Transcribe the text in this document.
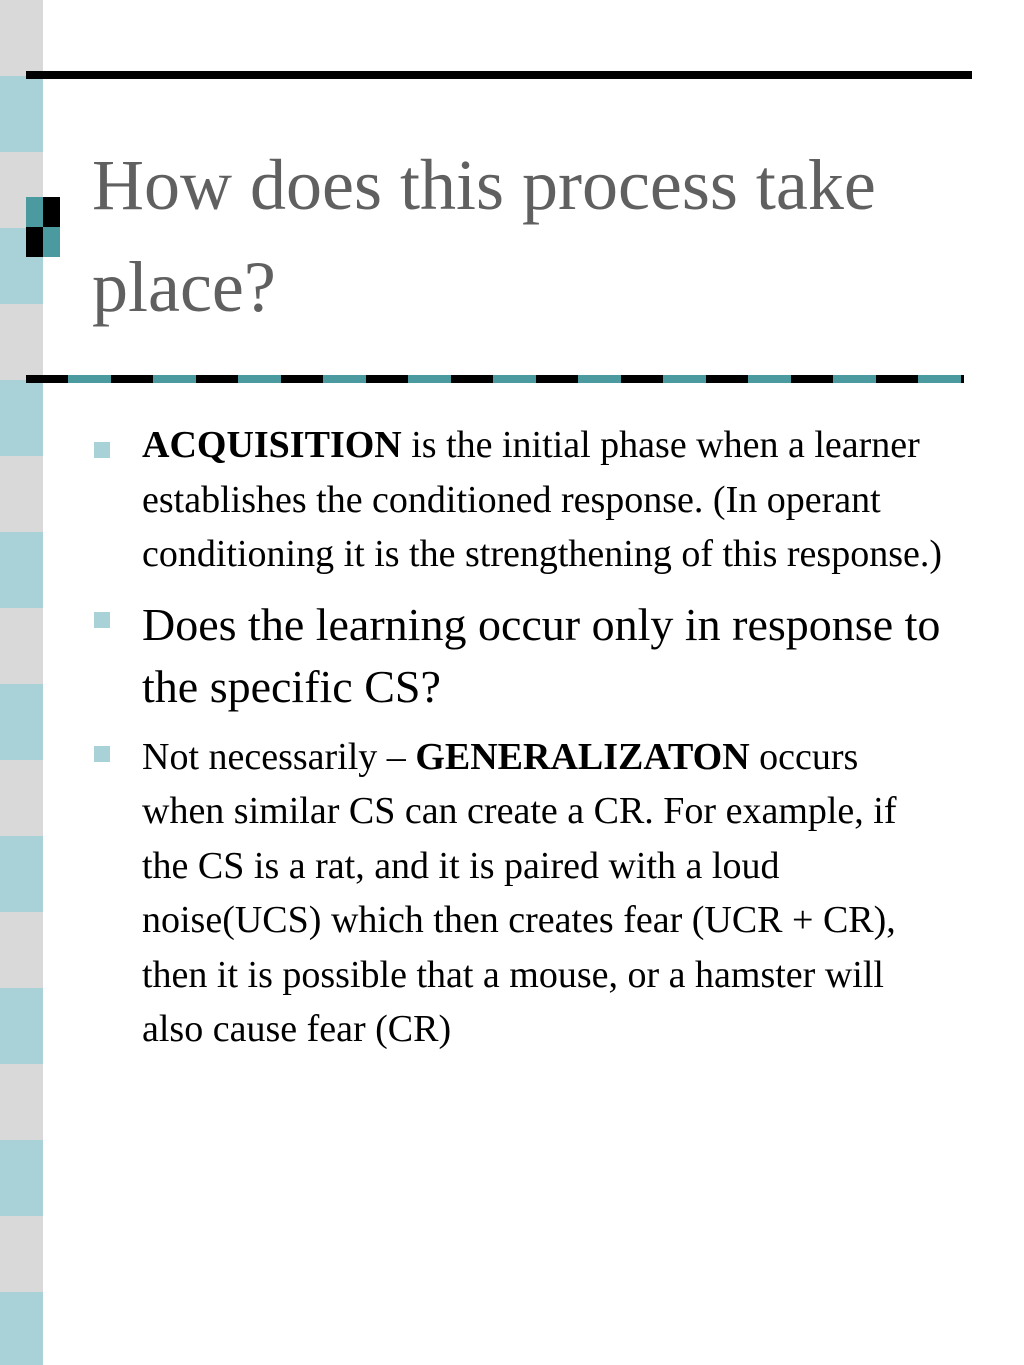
How does this process take place?
ACQUISITION is the initial phase when a learner establishes the conditioned response. (In operant conditioning it is the strengthening of this response.)
Does the learning occur only in response to the specific CS?
Not necessarily – GENERALIZATON occurs when similar CS can create a CR. For example, if the CS is a rat, and it is paired with a loud noise(UCS) which then creates fear (UCR + CR), then it is possible that a mouse, or a hamster will also cause fear (CR)
